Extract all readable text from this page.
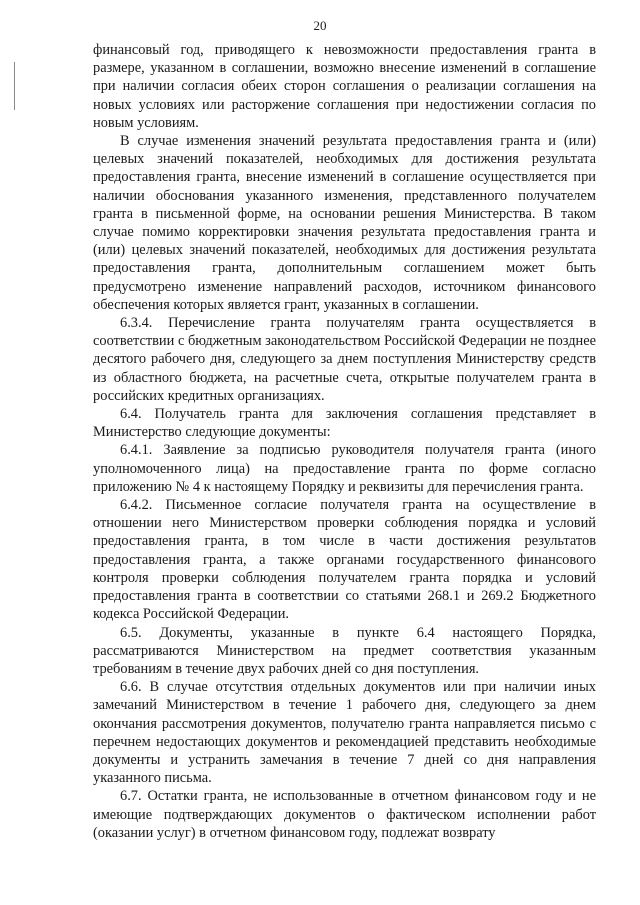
20

финансовый год, приводящего к невозможности предоставления гранта в размере, указанном в соглашении, возможно внесение изменений в соглашение при наличии согласия обеих сторон соглашения о реализации соглашения на новых условиях или расторжение соглашения при недостижении согласия по новым условиям.

В случае изменения значений результата предоставления гранта и (или) целевых значений показателей, необходимых для достижения результата предоставления гранта, внесение изменений в соглашение осуществляется при наличии обоснования указанного изменения, представленного получателем гранта в письменной форме, на основании решения Министерства. В таком случае помимо корректировки значения результата предоставления гранта и (или) целевых значений показателей, необходимых для достижения результата предоставления гранта, дополнительным соглашением может быть предусмотрено изменение направлений расходов, источником финансового обеспечения которых является грант, указанных в соглашении.

6.3.4. Перечисление гранта получателям гранта осуществляется в соответствии с бюджетным законодательством Российской Федерации не позднее десятого рабочего дня, следующего за днем поступления Министерству средств из областного бюджета, на расчетные счета, открытые получателем гранта в российских кредитных организациях.

6.4. Получатель гранта для заключения соглашения представляет в Министерство следующие документы:

6.4.1. Заявление за подписью руководителя получателя гранта (иного уполномоченного лица) на предоставление гранта по форме согласно приложению № 4 к настоящему Порядку и реквизиты для перечисления гранта.

6.4.2. Письменное согласие получателя гранта на осуществление в отношении него Министерством проверки соблюдения порядка и условий предоставления гранта, в том числе в части достижения результатов предоставления гранта, а также органами государственного финансового контроля проверки соблюдения получателем гранта порядка и условий предоставления гранта в соответствии со статьями 268.1 и 269.2 Бюджетного кодекса Российской Федерации.

6.5. Документы, указанные в пункте 6.4 настоящего Порядка, рассматриваются Министерством на предмет соответствия указанным требованиям в течение двух рабочих дней со дня поступления.

6.6. В случае отсутствия отдельных документов или при наличии иных замечаний Министерством в течение 1 рабочего дня, следующего за днем окончания рассмотрения документов, получателю гранта направляется письмо с перечнем недостающих документов и рекомендацией представить необходимые документы и устранить замечания в течение 7 дней со дня направления указанного письма.

6.7. Остатки гранта, не использованные в отчетном финансовом году и не имеющие подтверждающих документов о фактическом исполнении работ (оказании услуг) в отчетном финансовом году, подлежат возврату
